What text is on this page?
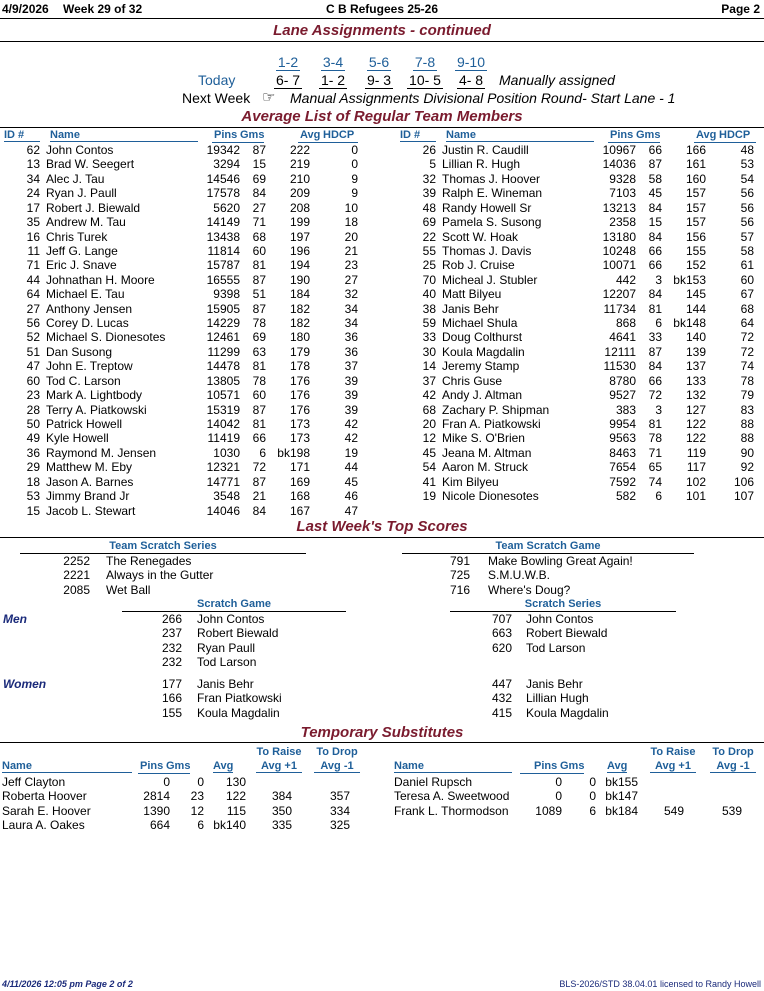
4/9/2026 Week 29 of 32	C B Refugees 25-26	Page 2
Lane Assignments - continued
1-2	3-4	5-6	7-8	9-10
Today	6- 7	1- 2	9- 3	10- 5	4- 8	Manually assigned
Next Week ☞ Manual Assignments Divisional Position Round- Start Lane - 1
Average List of Regular Team Members
ID #	Name	Pins Gms	Avg HDCP	ID #	Name	Pins Gms	Avg HDCP
62 John Contos	19342	87	222	0
13 Brad W. Seegert	3294	15	219	0
34 Alec J. Tau	14546	69	210	9
24 Ryan J. Paull	17578	84	209	9
17 Robert J. Biewald	5620	27	208	10
35 Andrew M. Tau	14149	71	199	18
16 Chris Turek	13438	68	197	20
11 Jeff G. Lange	11814	60	196	21
71 Eric J. Snave	15787	81	194	23
44 Johnathan H. Moore	16555	87	190	27
64 Michael E. Tau	9398	51	184	32
27 Anthony Jensen	15905	87	182	34
56 Corey D. Lucas	14229	78	182	34
52 Michael S. Dionesotes	12461	69	180	36
51 Dan Susong	11299	63	179	36
47 John E. Treptow	14478	81	178	37
60 Tod C. Larson	13805	78	176	39
23 Mark A. Lightbody	10571	60	176	39
28 Terry A. Piatkowski	15319	87	176	39
50 Patrick Howell	14042	81	173	42
49 Kyle Howell	11419	66	173	42
36 Raymond M. Jensen	1030	6 bk198	19
29 Matthew M. Eby	12321	72	171	44
18 Jason A. Barnes	14771	87	169	45
53 Jimmy Brand Jr	3548	21	168	46
15 Jacob L. Stewart	14046	84	167	47
26 Justin R. Caudill	10967	66	166	48
5 Lillian R. Hugh	14036	87	161	53
32 Thomas J. Hoover	9328	58	160	54
39 Ralph E. Wineman	7103	45	157	56
48 Randy Howell Sr	13213	84	157	56
69 Pamela S. Susong	2358	15	157	56
22 Scott W. Hoak	13180	84	156	57
55 Thomas J. Davis	10248	66	155	58
25 Rob J. Cruise	10071	66	152	61
70 Micheal J. Stubler	442	3 bk153	60
40 Matt Bilyeu	12207	84	145	67
38 Janis Behr	11734	81	144	68
59 Michael Shula	868	6 bk148	64
33 Doug Colthurst	4641	33	140	72
30 Koula Magdalin	12111	87	139	72
14 Jeremy Stamp	11530	84	137	74
37 Chris Guse	8780	66	133	78
42 Andy J. Altman	9527	72	132	79
68 Zachary P. Shipman	383	3	127	83
20 Fran A. Piatkowski	9954	81	122	88
12 Mike S. O'Brien	9563	78	122	88
45 Jeana M. Altman	8463	71	119	90
54 Aaron M. Struck	7654	65	117	92
41 Kim Bilyeu	7592	74	102	106
19 Nicole Dionesotes	582	6	101	107
Last Week's Top Scores
Team Scratch Series	Team Scratch Game
2252 The Renegades
2221 Always in the Gutter
2085 Wet Ball
791 Make Bowling Great Again!
725 S.M.U.W.B.
716 Where's Doug?
Scratch Game	Scratch Series
Men
Women
266 John Contos
237 Robert Biewald
232 Ryan Paull
232 Tod Larson
707 John Contos
663 Robert Biewald
620 Tod Larson
177 Janis Behr
166 Fran Piatkowski
155 Koula Magdalin
447 Janis Behr
432 Lillian Hugh
415 Koula Magdalin
Temporary Substitutes
Name	Pins Gms Avg
To Raise
Avg +1
To Drop
Avg -1	Name	Pins Gms Avg
To Raise
Avg +1
To Drop
Avg -1
Jeff Clayton	0	0	130
Roberta Hoover	2814	23	122	384	357
Sarah E. Hoover	1390	12	115	350	334
Laura A. Oakes	664	6 bk140	335	325
Daniel Rupsch	0	0 bk155
Teresa A. Sweetwood	0	0 bk147
Frank L. Thormodson	1089	6 bk184	549	539
4/11/2026 12:05 pm Page 2 of 2	BLS-2026/STD 38.04.01 licensed to Randy Howell
